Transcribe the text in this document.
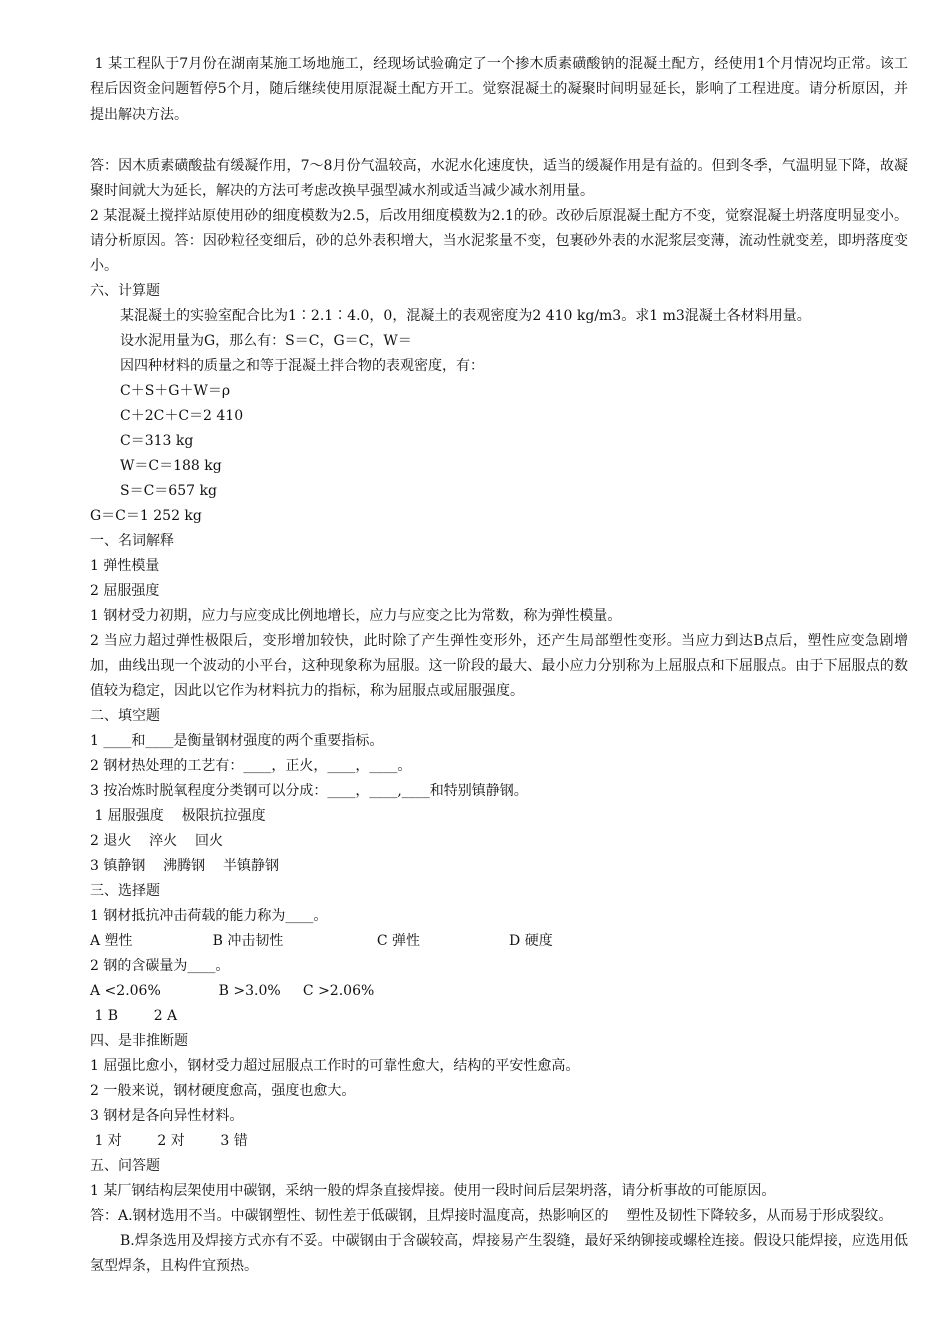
1 某工程队于7月份在湖南某施工场地施工，经现场试验确定了一个掺木质素磺酸钠的混凝土配方，经使用1个月情况均正常。该工程后因资金问题暂停5个月，随后继续使用原混凝土配方开工。觉察混凝土的凝聚时间明显延长，影响了工程进度。请分析原因，并提出解决方法。

答：因木质素磺酸盐有缓凝作用，7～8月份气温较高，水泥水化速度快，适当的缓凝作用是有益的。但到冬季，气温明显下降，故凝聚时间就大为延长，解决的方法可考虑改换早强型减水剂或适当减少减水剂用量。

2 某混凝土搅拌站原使用砂的细度模数为2.5，后改用细度模数为2.1的砂。改砂后原混凝土配方不变，觉察混凝土坍落度明显变小。请分析原因。答：因砂粒径变细后，砂的总外表积增大，当水泥浆量不变，包裹砂外表的水泥浆层变薄，流动性就变差，即坍落度变小。

六、计算题

某混凝土的实验室配合比为1∶2.1∶4.0，0，混凝土的表观密度为2 410 kg/m3。求1 m3混凝土各材料用量。

设水泥用量为G，那么有：S＝C，G＝C，W＝

因四种材料的质量之和等于混凝土拌合物的表观密度，有：

C＋S＋G＋W＝ρ

C＋2C＋C＝2 410

C＝313 kg

W＝C＝188 kg

S＝C＝657 kg

G＝C＝1 252 kg

一、名词解释

1 弹性模量

2 屈服强度

1 钢材受力初期，应力与应变成比例地增长，应力与应变之比为常数，称为弹性模量。

2 当应力超过弹性极限后，变形增加较快，此时除了产生弹性变形外，还产生局部塑性变形。当应力到达B点后，塑性应变急剧增加，曲线出现一个波动的小平台，这种现象称为屈服。这一阶段的最大、最小应力分别称为上屈服点和下屈服点。由于下屈服点的数值较为稳定，因此以它作为材料抗力的指标，称为屈服点或屈服强度。

二、填空题

1 ____和____是衡量钢材强度的两个重要指标。

2 钢材热处理的工艺有：____，正火，____，____。

3 按冶炼时脱氧程度分类钢可以分成：____，____,____和特别镇静钢。

1 屈服强度    极限抗拉强度

2 退火    淬火    回火

3 镇静钢    沸腾钢    半镇静钢

三、选择题

1 钢材抵抗冲击荷载的能力称为____。

A 塑性                  B 冲击韧性                     C 弹性                    D 硬度

2 钢的含碳量为____。

A <2.06%             B >3.0%     C >2.06%

1 B        2 A

四、是非推断题

1 屈强比愈小，钢材受力超过屈服点工作时的可靠性愈大，结构的平安性愈高。

2 一般来说，钢材硬度愈高，强度也愈大。

3 钢材是各向异性材料。

1 对        2 对        3 错

五、问答题

1 某厂钢结构层架使用中碳钢，采纳一般的焊条直接焊接。使用一段时间后层架坍落，请分析事故的可能原因。

答：A.钢材选用不当。中碳钢塑性、韧性差于低碳钢，且焊接时温度高，热影响区的    塑性及韧性下降较多，从而易于形成裂纹。

B.焊条选用及焊接方式亦有不妥。中碳钢由于含碳较高，焊接易产生裂缝，最好采纳铆接或螺栓连接。假设只能焊接，应选用低氢型焊条，且构件宜预热。
